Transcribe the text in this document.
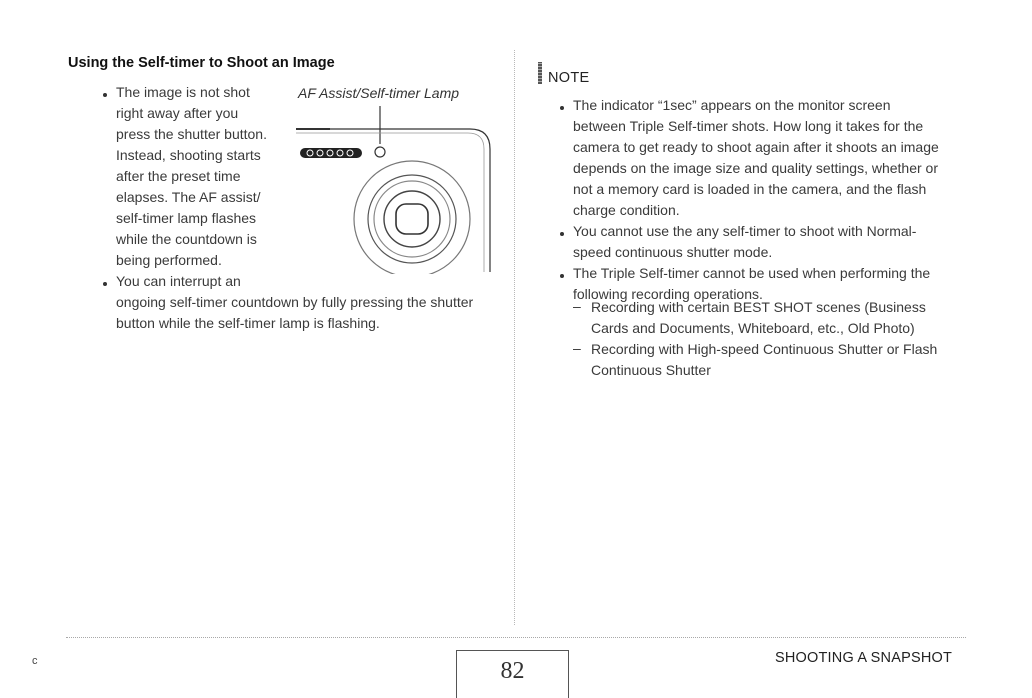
Using the Self-timer to Shoot an Image
The image is not shot
right away after you
press the shutter button.
Instead, shooting starts
after the preset time
elapses. The AF assist/
self-timer lamp flashes
while the countdown is
being performed.
You can interrupt an
ongoing self-timer countdown by fully pressing the shutter
button while the self-timer lamp is flashing.
AF Assist/Self-timer Lamp
NOTE
The indicator “1sec” appears on the monitor screen
between Triple Self-timer shots. How long it takes for the
camera to get ready to shoot again after it shoots an image
depends on the image size and quality settings, whether or
not a memory card is loaded in the camera, and the flash
charge condition.
You cannot use the any self-timer to shoot with Normal-
speed continuous shutter mode.
The Triple Self-timer cannot be used when performing the
following recording operations.
– Recording with certain BEST SHOT scenes (Business
Cards and Documents, Whiteboard, etc., Old Photo)
– Recording with High-speed Continuous Shutter or Flash
Continuous Shutter
c	82	SHOOTING A SNAPSHOT
